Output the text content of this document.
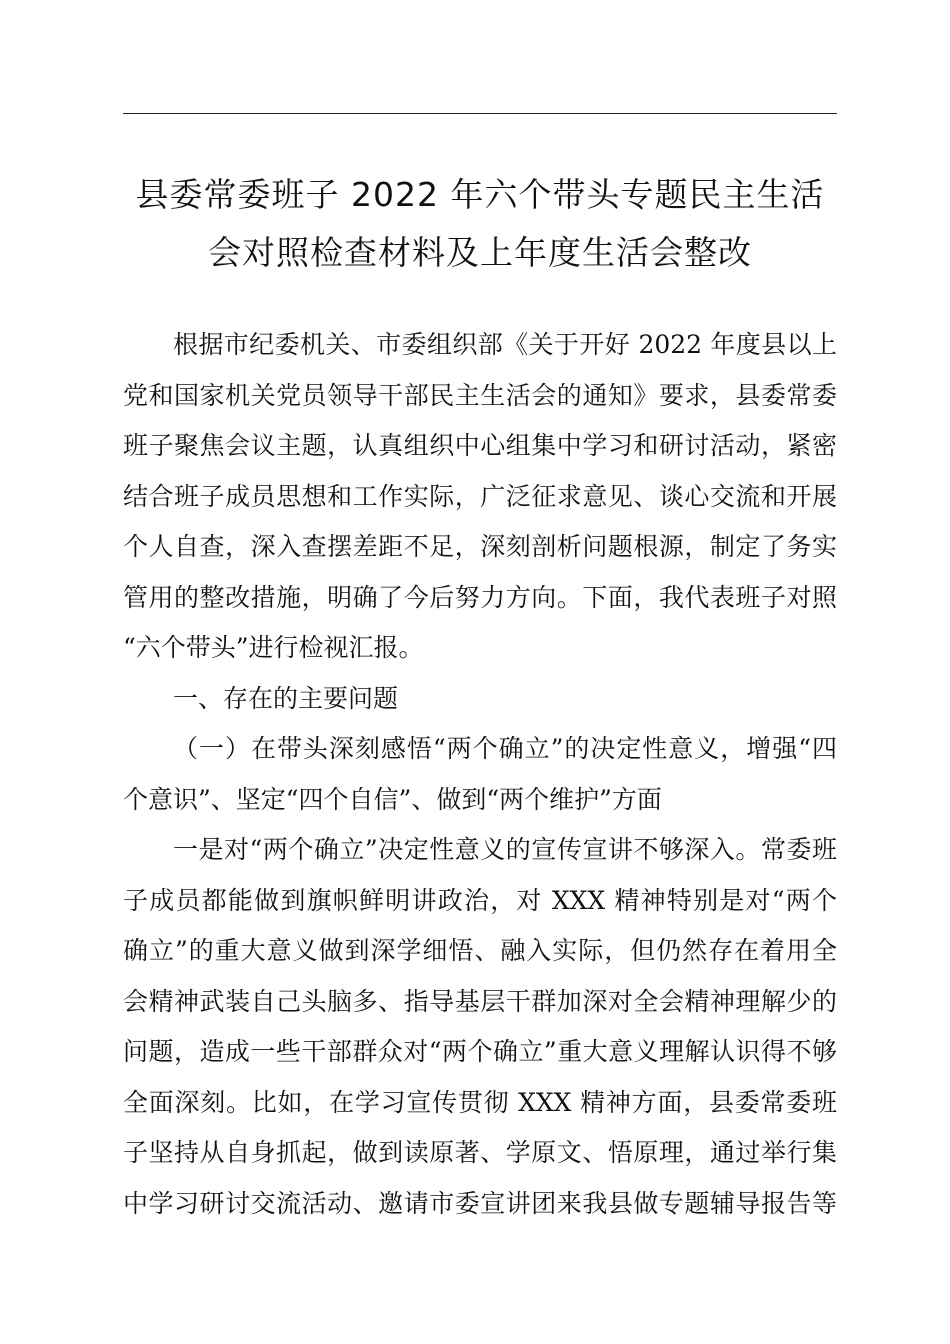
县委常委班子 2022 年六个带头专题民主生活
会对照检查材料及上年度生活会整改

根据市纪委机关、市委组织部《关于开好 2022 年度县以上
党和国家机关党员领导干部民主生活会的通知》要求，县委常委
班子聚焦会议主题，认真组织中心组集中学习和研讨活动，紧密
结合班子成员思想和工作实际，广泛征求意见、谈心交流和开展
个人自查，深入查摆差距不足，深刻剖析问题根源，制定了务实
管用的整改措施，明确了今后努力方向。下面，我代表班子对照
“六个带头”进行检视汇报。

一、存在的主要问题

（一）在带头深刻感悟“两个确立”的决定性意义，增强“四
个意识”、坚定“四个自信”、做到“两个维护”方面

一是对“两个确立”决定性意义的宣传宣讲不够深入。常委班
子成员都能做到旗帜鲜明讲政治，对 XXX 精神特别是对“两个
确立”的重大意义做到深学细悟、融入实际，但仍然存在着用全
会精神武装自己头脑多、指导基层干群加深对全会精神理解少的
问题，造成一些干部群众对“两个确立”重大意义理解认识得不够
全面深刻。比如，在学习宣传贯彻 XXX 精神方面，县委常委班
子坚持从自身抓起，做到读原著、学原文、悟原理，通过举行集
中学习研讨交流活动、邀请市委宣讲团来我县做专题辅导报告等
